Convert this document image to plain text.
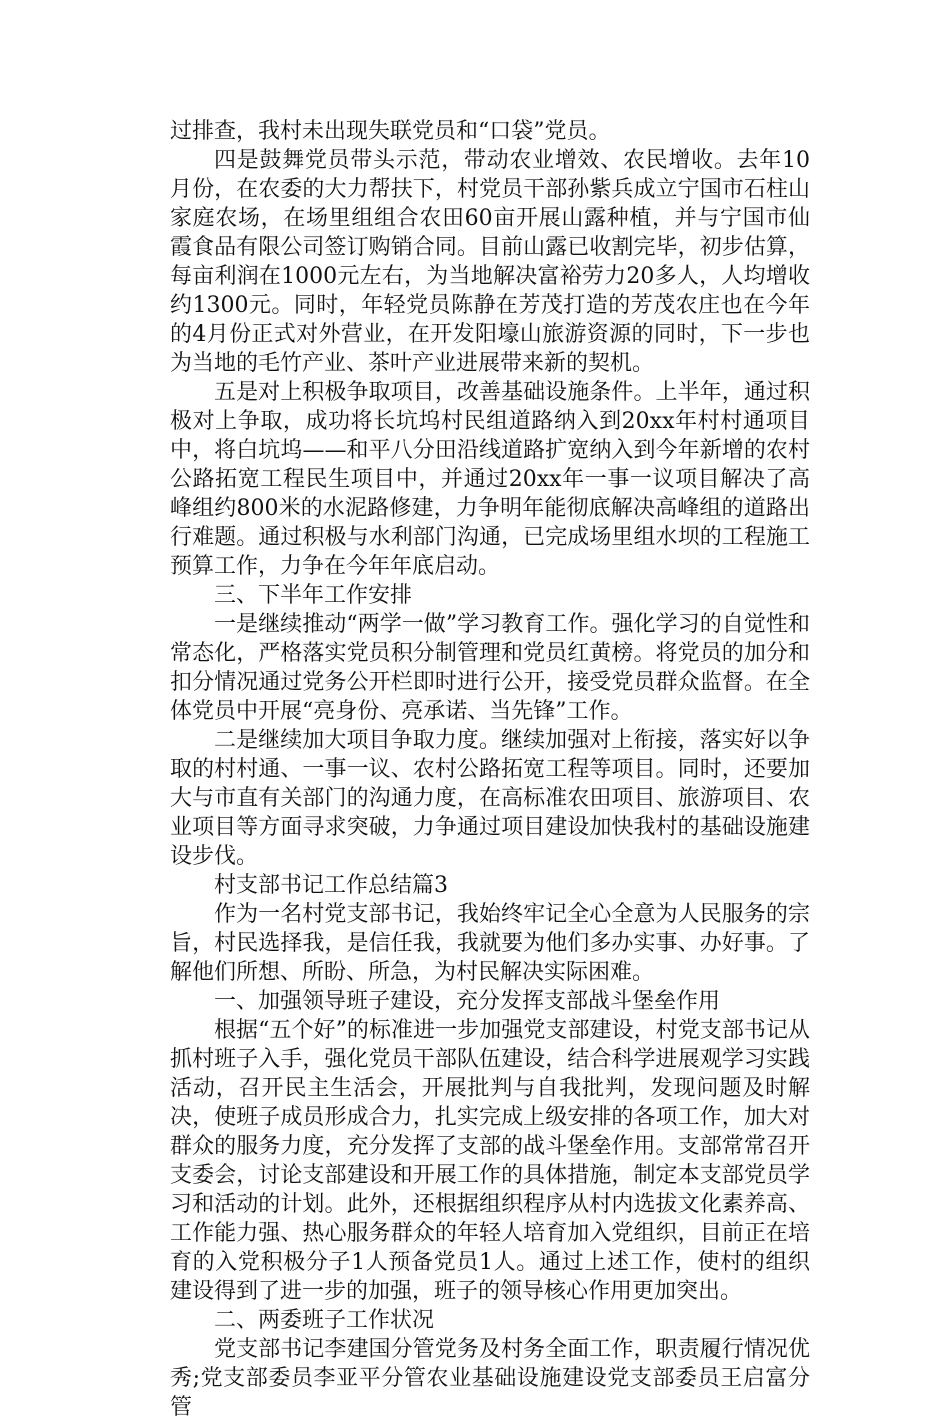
过排查，我村未出现失联党员和“口袋”党员。

四是鼓舞党员带头示范，带动农业增效、农民增收。去年10月份，在农委的大力帮扶下，村党员干部孙紫兵成立宁国市石柱山家庭农场，在场里组组合农田60亩开展山露种植，并与宁国市仙霞食品有限公司签订购销合同。目前山露已收割完毕，初步估算，每亩利润在1000元左右，为当地解决富裕劳力20多人，人均增收约1300元。同时，年轻党员陈静在芳茂打造的芳茂农庄也在今年的4月份正式对外营业，在开发阳壕山旅游资源的同时，下一步也为当地的毛竹产业、茶叶产业进展带来新的契机。

五是对上积极争取项目，改善基础设施条件。上半年，通过积极对上争取，成功将长坑坞村民组道路纳入到20xx年村村通项目中，将白坑坞——和平八分田沿线道路扩宽纳入到今年新增的农村公路拓宽工程民生项目中，并通过20xx年一事一议项目解决了高峰组约800米的水泥路修建，力争明年能彻底解决高峰组的道路出行难题。通过积极与水利部门沟通，已完成场里组水坝的工程施工预算工作，力争在今年年底启动。

三、下半年工作安排

一是继续推动“两学一做”学习教育工作。强化学习的自觉性和常态化，严格落实党员积分制管理和党员红黄榜。将党员的加分和扣分情况通过党务公开栏即时进行公开，接受党员群众监督。在全体党员中开展“亮身份、亮承诺、当先锋”工作。

二是继续加大项目争取力度。继续加强对上衔接，落实好以争取的村村通、一事一议、农村公路拓宽工程等项目。同时，还要加大与市直有关部门的沟通力度，在高标准农田项目、旅游项目、农业项目等方面寻求突破，力争通过项目建设加快我村的基础设施建设步伐。

村支部书记工作总结篇3

作为一名村党支部书记，我始终牢记全心全意为人民服务的宗旨，村民选择我，是信任我，我就要为他们多办实事、办好事。了解他们所想、所盼、所急，为村民解决实际困难。

一、加强领导班子建设，充分发挥支部战斗堡垒作用

根据“五个好”的标准进一步加强党支部建设，村党支部书记从抓村班子入手，强化党员干部队伍建设，结合科学进展观学习实践活动，召开民主生活会，开展批判与自我批判，发现问题及时解决，使班子成员形成合力，扎实完成上级安排的各项工作，加大对群众的服务力度，充分发挥了支部的战斗堡垒作用。支部常常召开支委会，讨论支部建设和开展工作的具体措施，制定本支部党员学习和活动的计划。此外，还根据组织程序从村内选拔文化素养高、工作能力强、热心服务群众的年轻人培育加入党组织，目前正在培育的入党积极分子1人预备党员1人。通过上述工作，使村的组织建设得到了进一步的加强，班子的领导核心作用更加突出。

二、两委班子工作状况

党支部书记李建国分管党务及村务全面工作，职责履行情况优秀;党支部委员李亚平分管农业基础设施建设党支部委员王启富分管
